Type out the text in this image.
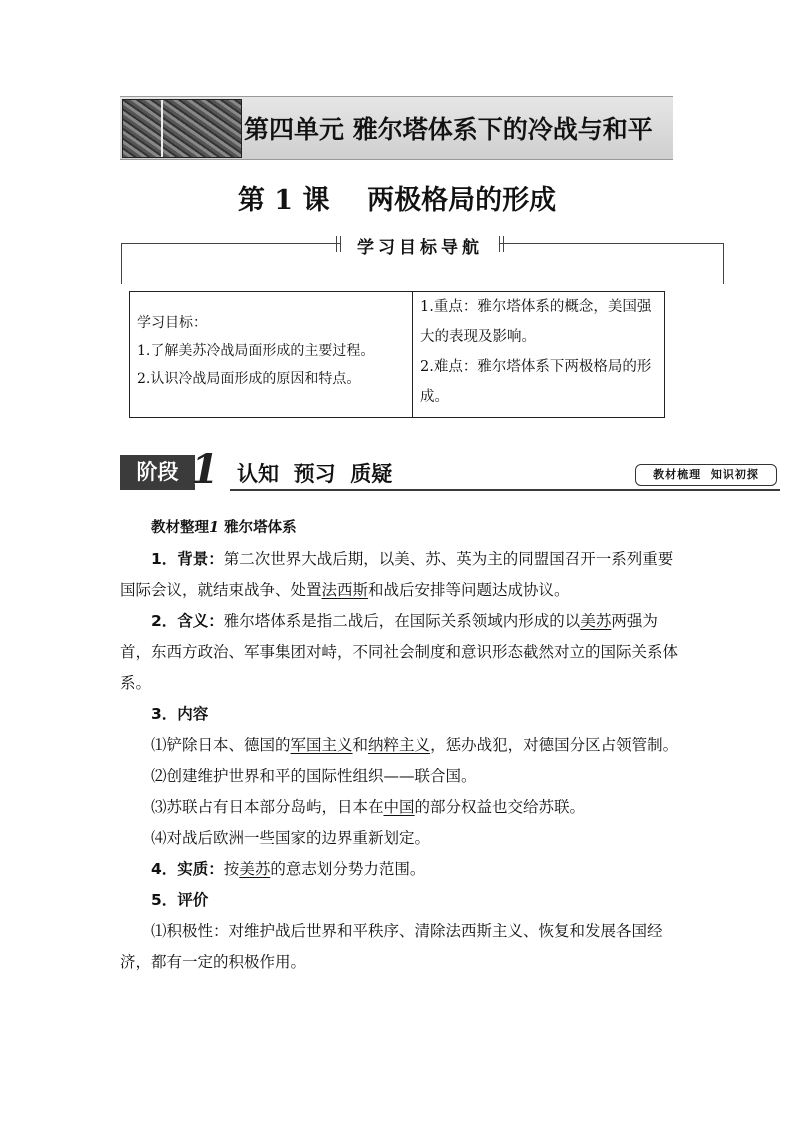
第四单元 雅尔塔体系下的冷战与和平
第 1 课    两极格局的形成
学习目标导航

学习目标：

1.了解美苏冷战局面形成的主要过程。

2.认识冷战局面形成的原因和特点。

1.重点：雅尔塔体系的概念，美国强大的表现及影响。

2.难点：雅尔塔体系下两极格局的形成。

阶段 1 认知  预习  质疑	教材梳理  知识初探

教材整理1 雅尔塔体系

1．背景：第二次世界大战后期，以美、苏、英为主的同盟国召开一系列重要国际会议，就结束战争、处置法西斯和战后安排等问题达成协议。

2．含义：雅尔塔体系是指二战后，在国际关系领域内形成的以美苏两强为首，东西方政治、军事集团对峙，不同社会制度和意识形态截然对立的国际关系体系。

3．内容

⑴铲除日本、德国的军国主义和纳粹主义，惩办战犯，对德国分区占领管制。

⑵创建维护世界和平的国际性组织——联合国。

⑶苏联占有日本部分岛屿，日本在中国的部分权益也交给苏联。

⑷对战后欧洲一些国家的边界重新划定。

4．实质：按美苏的意志划分势力范围。

5．评价

⑴积极性：对维护战后世界和平秩序、清除法西斯主义、恢复和发展各国经济，都有一定的积极作用。
